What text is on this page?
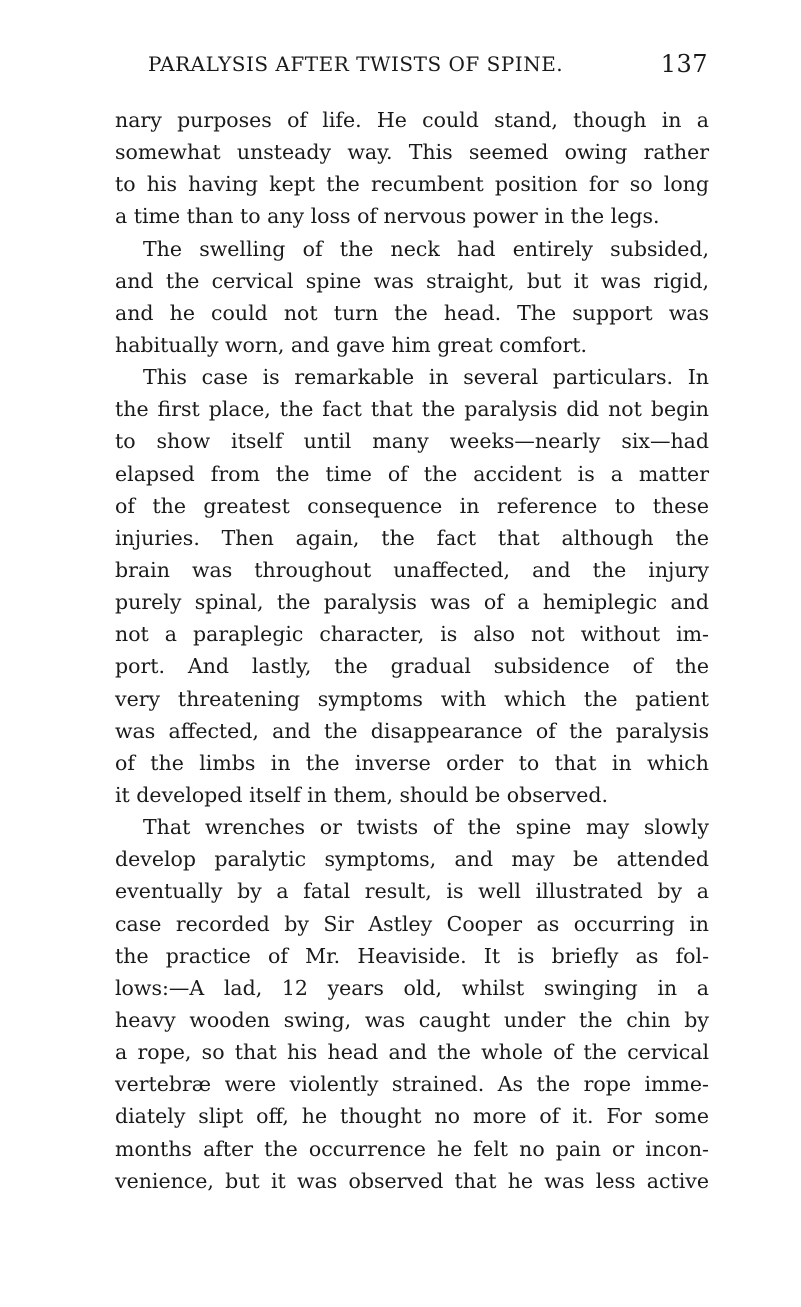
PARALYSIS AFTER TWISTS OF SPINE.	137
nary purposes of life. He could stand, though in a
somewhat unsteady way. This seemed owing rather
to his having kept the recumbent position for so long
a time than to any loss of nervous power in the legs.
The swelling of the neck had entirely subsided,
and the cervical spine was straight, but it was rigid,
and he could not turn the head. The support was
habitually worn, and gave him great comfort.
This case is remarkable in several particulars. In
the first place, the fact that the paralysis did not begin
to show itself until many weeks—nearly six—had
elapsed from the time of the accident is a matter
of the greatest consequence in reference to these
injuries. Then again, the fact that although the
brain was throughout unaffected, and the injury
purely spinal, the paralysis was of a hemiplegic and
not a paraplegic character, is also not without im-
port. And lastly, the gradual subsidence of the
very threatening symptoms with which the patient
was affected, and the disappearance of the paralysis
of the limbs in the inverse order to that in which
it developed itself in them, should be observed.
That wrenches or twists of the spine may slowly
develop paralytic symptoms, and may be attended
eventually by a fatal result, is well illustrated by a
case recorded by Sir Astley Cooper as occurring in
the practice of Mr. Heaviside. It is briefly as fol-
lows:—A lad, 12 years old, whilst swinging in a
heavy wooden swing, was caught under the chin by
a rope, so that his head and the whole of the cervical
vertebræ were violently strained. As the rope imme-
diately slipt off, he thought no more of it. For some
months after the occurrence he felt no pain or incon-
venience, but it was observed that he was less active
